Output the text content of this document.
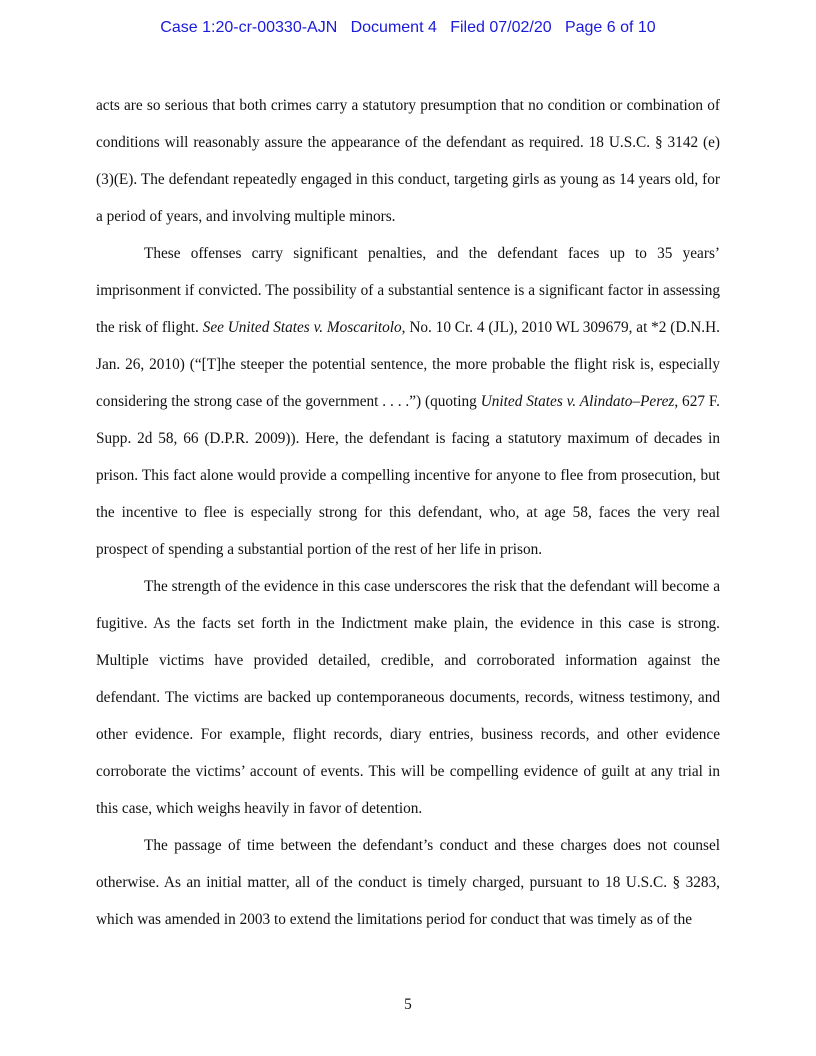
Case 1:20-cr-00330-AJN   Document 4   Filed 07/02/20   Page 6 of 10

acts are so serious that both crimes carry a statutory presumption that no condition or combination of conditions will reasonably assure the appearance of the defendant as required. 18 U.S.C. § 3142 (e)(3)(E). The defendant repeatedly engaged in this conduct, targeting girls as young as 14 years old, for a period of years, and involving multiple minors.

These offenses carry significant penalties, and the defendant faces up to 35 years’ imprisonment if convicted. The possibility of a substantial sentence is a significant factor in assessing the risk of flight. See United States v. Moscaritolo, No. 10 Cr. 4 (JL), 2010 WL 309679, at *2 (D.N.H. Jan. 26, 2010) (“[T]he steeper the potential sentence, the more probable the flight risk is, especially considering the strong case of the government . . . .”) (quoting United States v. Alindato–Perez, 627 F. Supp. 2d 58, 66 (D.P.R. 2009)). Here, the defendant is facing a statutory maximum of decades in prison. This fact alone would provide a compelling incentive for anyone to flee from prosecution, but the incentive to flee is especially strong for this defendant, who, at age 58, faces the very real prospect of spending a substantial portion of the rest of her life in prison.

The strength of the evidence in this case underscores the risk that the defendant will become a fugitive. As the facts set forth in the Indictment make plain, the evidence in this case is strong. Multiple victims have provided detailed, credible, and corroborated information against the defendant. The victims are backed up contemporaneous documents, records, witness testimony, and other evidence. For example, flight records, diary entries, business records, and other evidence corroborate the victims’ account of events. This will be compelling evidence of guilt at any trial in this case, which weighs heavily in favor of detention.

The passage of time between the defendant’s conduct and these charges does not counsel otherwise. As an initial matter, all of the conduct is timely charged, pursuant to 18 U.S.C. § 3283, which was amended in 2003 to extend the limitations period for conduct that was timely as of the

5
